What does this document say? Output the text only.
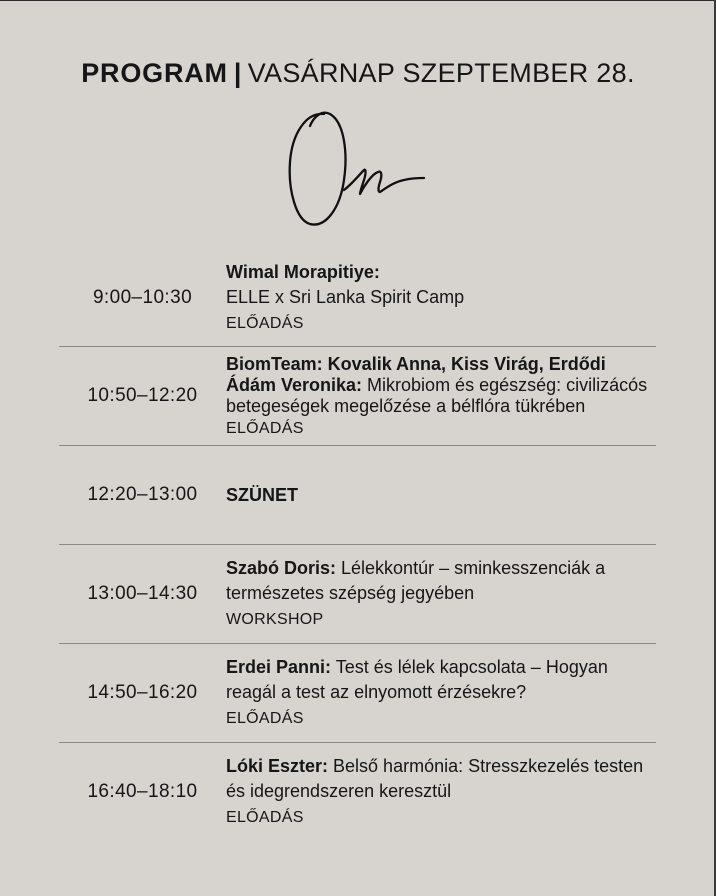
PROGRAM | VASÁRNAP SZEPTEMBER 28.
9:00–10:30
Wimal Morapitiye:
ELLE x Sri Lanka Spirit Camp
ELŐADÁS
10:50–12:20
BiomTeam: Kovalik Anna, Kiss Virág, Erdődi Ádám Veronika: Mikrobiom és egészség: civilizácós betegeségek megelőzése a bélflóra tükrében ELŐADÁS
12:20–13:00	SZÜNET
13:00–14:30
Szabó Doris: Lélekkontúr – sminkesszenciák a természetes szépség jegyében
WORKSHOP
14:50–16:20
Erdei Panni: Test és lélek kapcsolata – Hogyan reagál a test az elnyomott érzésekre?
ELŐADÁS
16:40–18:10
Lóki Eszter: Belső harmónia: Stresszkezelés testen és idegrendszeren keresztül
ELŐADÁS
